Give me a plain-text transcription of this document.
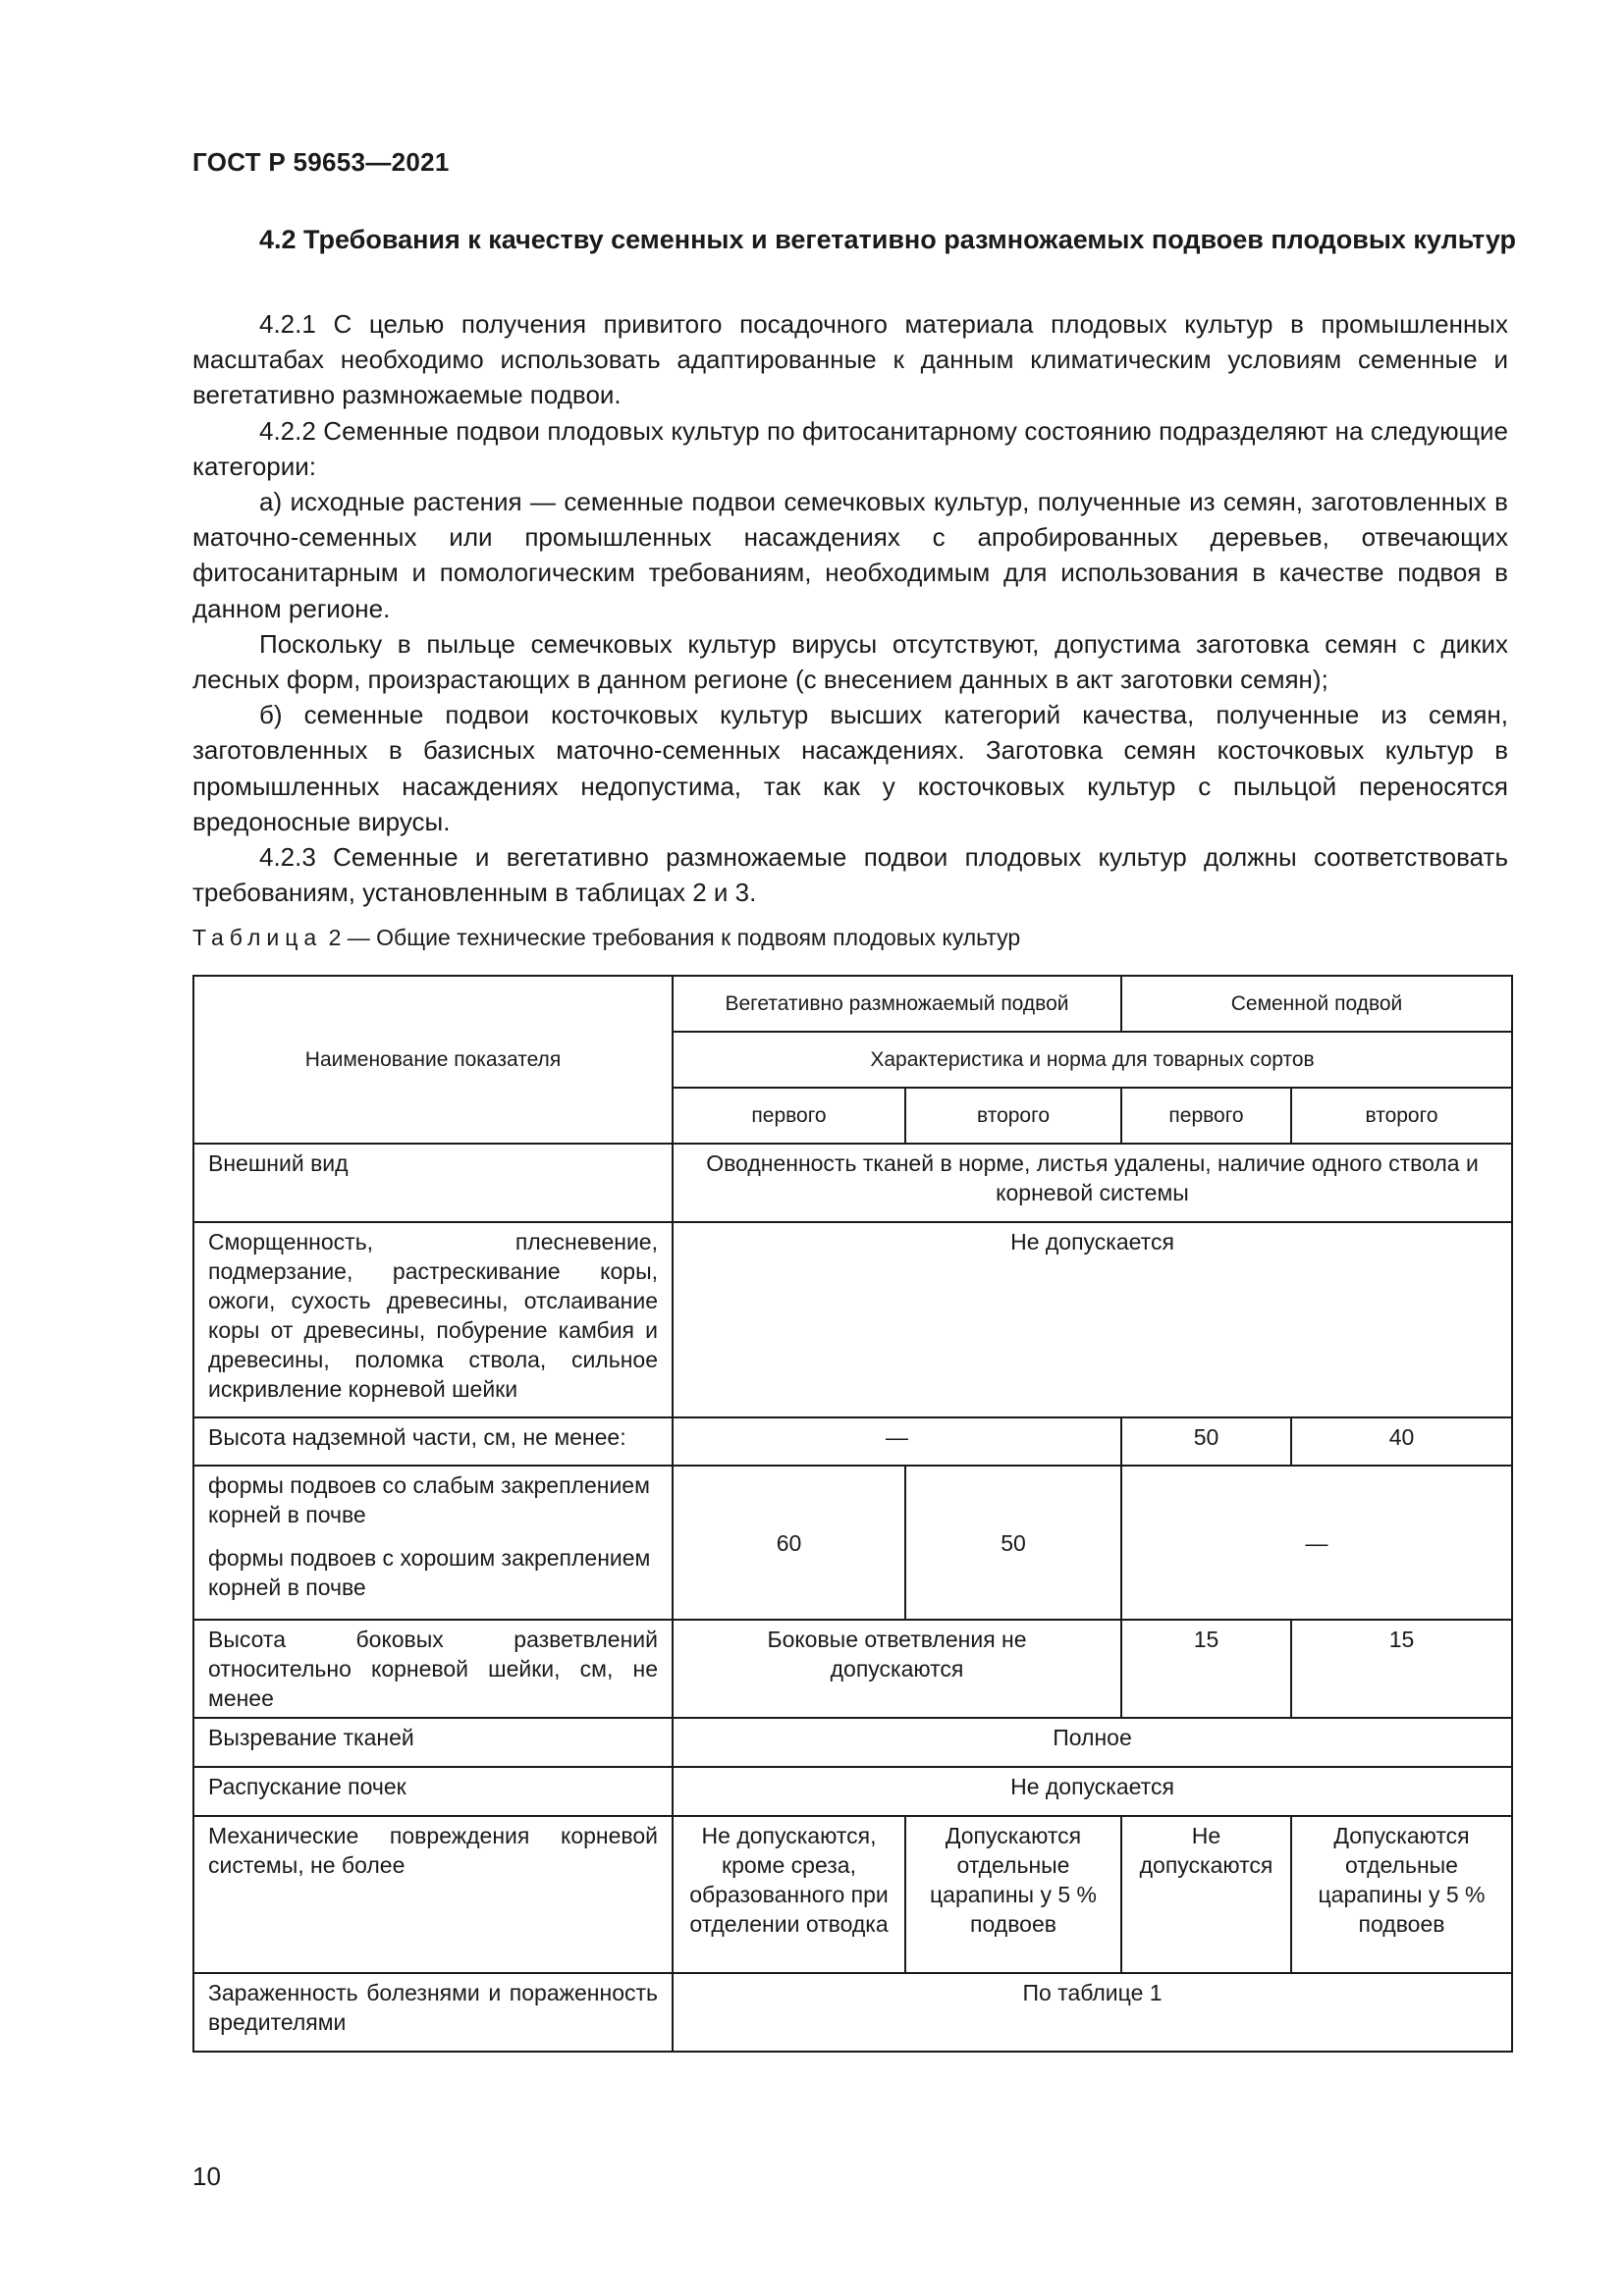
ГОСТ Р 59653—2021
4.2 Требования к качеству семенных и вегетативно размножаемых подвоев плодовых культур

4.2.1 С целью получения привитого посадочного материала плодовых культур в промышленных масштабах необходимо использовать адаптированные к данным климатическим условиям семенные и вегетативно размножаемые подвои.

4.2.2 Семенные подвои плодовых культур по фитосанитарному состоянию подразделяют на следующие категории:

а) исходные растения — семенные подвои семечковых культур, полученные из семян, заготовленных в маточно-семенных или промышленных насаждениях с апробированных деревьев, отвечающих фитосанитарным и помологическим требованиям, необходимым для использования в качестве подвоя в данном регионе.

Поскольку в пыльце семечковых культур вирусы отсутствуют, допустима заготовка семян с диких лесных форм, произрастающих в данном регионе (с внесением данных в акт заготовки семян);

б) семенные подвои косточковых культур высших категорий качества, полученные из семян, заготовленных в базисных маточно-семенных насаждениях. Заготовка семян косточковых культур в промышленных насаждениях недопустима, так как у косточковых культур с пыльцой переносятся вредоносные вирусы.

4.2.3 Семенные и вегетативно размножаемые подвои плодовых культур должны соответствовать требованиям, установленным в таблицах 2 и 3.

Таблица 2 — Общие технические требования к подвоям плодовых культур
Наименование показателя	Вегетативно размножаемый подвой		Семенной подвой	
	Характеристика и норма для товарных сортов			
	первого	второго	первого	второго
Внешний вид	Оводненность тканей в норме, листья удалены, наличие одного ствола и корневой системы			
Сморщенность, плесневение, подмерзание, растрескивание коры, ожоги, сухость древесины, отслаивание коры от древесины, побурение камбия и древесины, поломка ствола, сильное искривление корневой шейки	Не допускается			
Высота надземной части, см, не менее:	—		50	40

формы подвоев со слабым закреплением корней в почве
формы подвоев с хорошим закреплением корней в почве	60	50	—	
Высота боковых разветвлений относительно корневой шейки, см, не менее	Боковые ответвления не допускаются		15	15
Вызревание тканей	Полное			
Распускание почек	Не допускается			
Механические повреждения корневой системы, не более	Не допускаются, кроме среза, образованного при отделении отводка	Допускаются отдельные царапины у 5 % подвоев	Не допускаются	Допускаются отдельные царапины у 5 % подвоев
Зараженность болезнями и пораженность вредителями	По таблице 1			
10
